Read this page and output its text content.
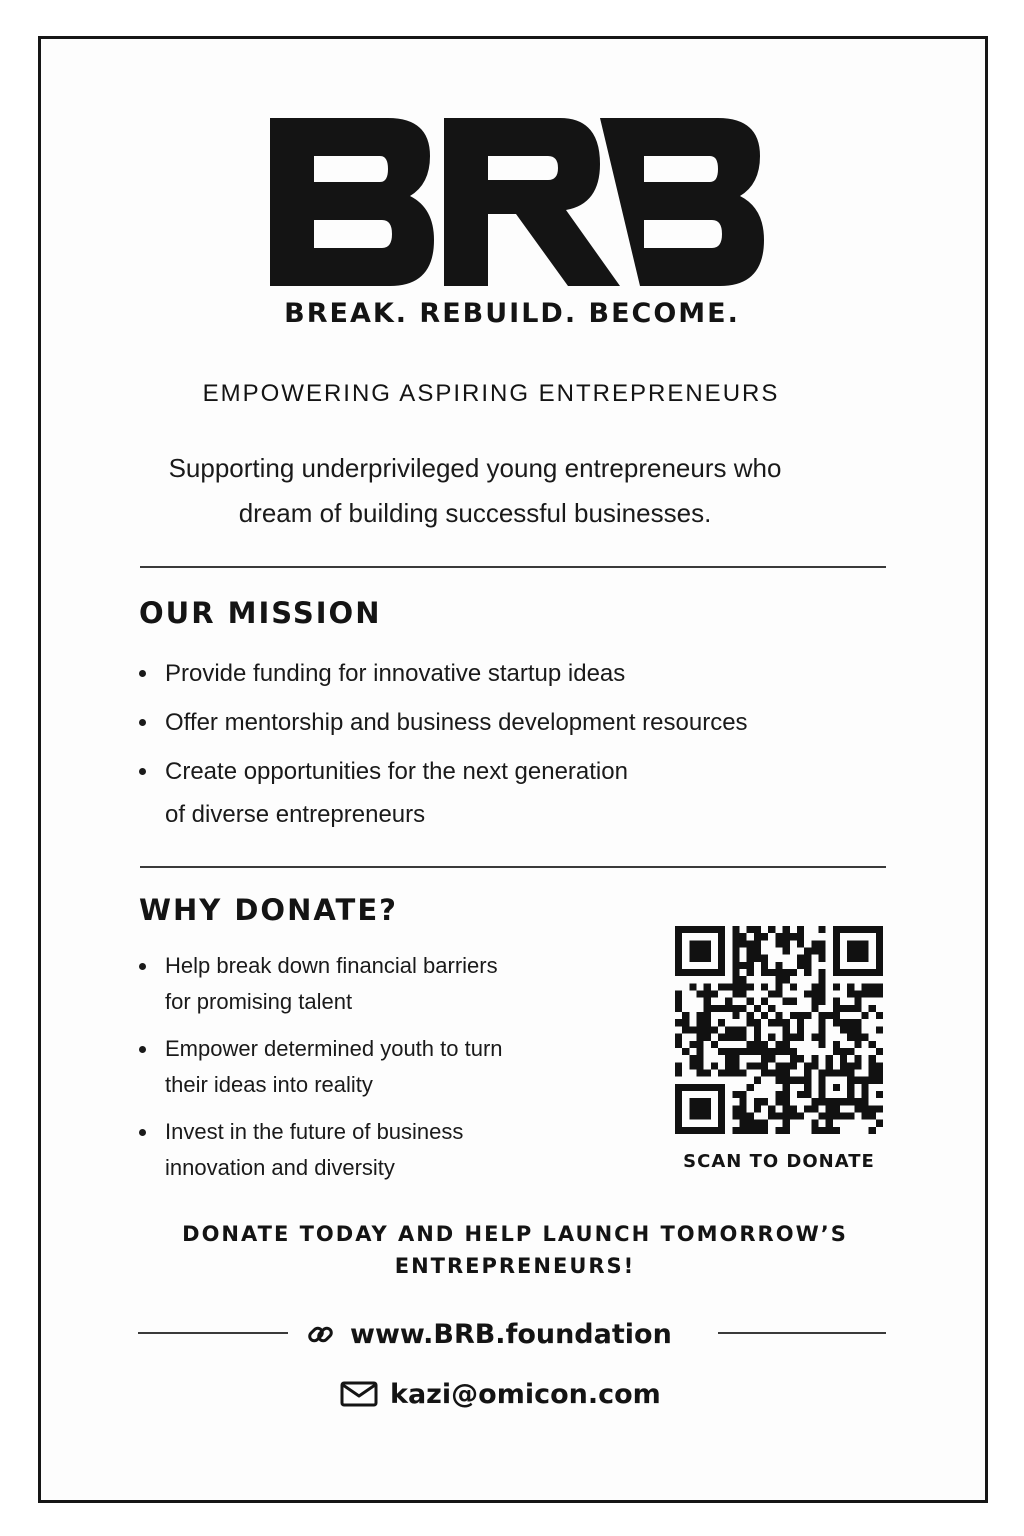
BREAK. REBUILD. BECOME.
EMPOWERING ASPIRING ENTREPRENEURS
Supporting underprivileged young entrepreneurs who
dream of building successful businesses.
OUR MISSION
Provide funding for innovative startup ideas
Offer mentorship and business development resources
Create opportunities for the next generation
of diverse entrepreneurs
WHY DONATE?
Help break down financial barriers
for promising talent
Empower determined youth to turn
their ideas into reality
Invest in the future of business
innovation and diversity	SCAN TO DONATE
DONATE TODAY AND HELP LAUNCH TOMORROW’S
ENTREPRENEURS!
www.BRB.foundation
kazi@omicon.com
